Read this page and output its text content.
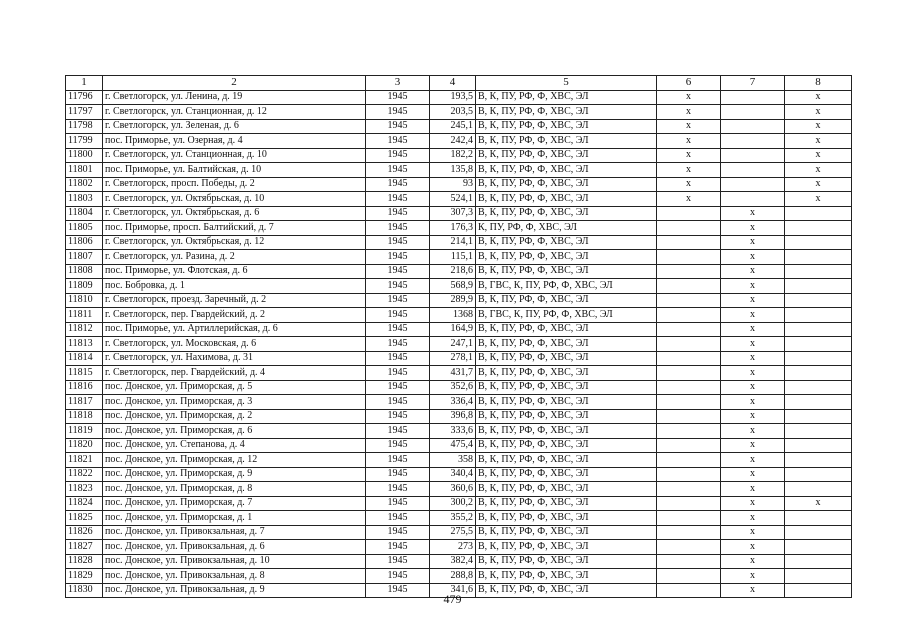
1	2	3	4	5	6	7	8
11796	г. Светлогорск, ул. Ленина, д. 19	1945	193,5	В, К, ПУ, РФ, Ф, ХВС, ЭЛ	х		х
11797	г. Светлогорск, ул. Станционная, д. 12	1945	203,5	В, К, ПУ, РФ, Ф, ХВС, ЭЛ	х		х
11798	г. Светлогорск, ул. Зеленая, д. 6	1945	245,1	В, К, ПУ, РФ, Ф, ХВС, ЭЛ	х		х
11799	пос. Приморье, ул. Озерная, д. 4	1945	242,4	В, К, ПУ, РФ, Ф, ХВС, ЭЛ	х		х
11800	г. Светлогорск, ул. Станционная, д. 10	1945	182,2	В, К, ПУ, РФ, Ф, ХВС, ЭЛ	х		х
11801	пос. Приморье, ул. Балтийская, д. 10	1945	135,8	В, К, ПУ, РФ, Ф, ХВС, ЭЛ	х		х
11802	г. Светлогорск, просп. Победы, д. 2	1945	93	В, К, ПУ, РФ, Ф, ХВС, ЭЛ	х		х
11803	г. Светлогорск, ул. Октябрьская, д. 10	1945	524,1	В, К, ПУ, РФ, Ф, ХВС, ЭЛ	х		х
11804	г. Светлогорск, ул. Октябрьская, д. 6	1945	307,3	В, К, ПУ, РФ, Ф, ХВС, ЭЛ		х	
11805	пос. Приморье, просп. Балтийский, д. 7	1945	176,3	К, ПУ, РФ, Ф, ХВС, ЭЛ		х	
11806	г. Светлогорск, ул. Октябрьская, д. 12	1945	214,1	В, К, ПУ, РФ, Ф, ХВС, ЭЛ		х	
11807	г. Светлогорск, ул. Разина, д. 2	1945	115,1	В, К, ПУ, РФ, Ф, ХВС, ЭЛ		х	
11808	пос. Приморье, ул. Флотская, д. 6	1945	218,6	В, К, ПУ, РФ, Ф, ХВС, ЭЛ		х	
11809	пос. Бобровка, д. 1	1945	568,9	В, ГВС, К, ПУ, РФ, Ф, ХВС, ЭЛ		х	
11810	г. Светлогорск, проезд. Заречный, д. 2	1945	289,9	В, К, ПУ, РФ, Ф, ХВС, ЭЛ		х	
11811	г. Светлогорск, пер. Гвардейский, д. 2	1945	1368	В, ГВС, К, ПУ, РФ, Ф, ХВС, ЭЛ		х	
11812	пос. Приморье, ул. Артиллерийская, д. 6	1945	164,9	В, К, ПУ, РФ, Ф, ХВС, ЭЛ		х	
11813	г. Светлогорск, ул. Московская, д. 6	1945	247,1	В, К, ПУ, РФ, Ф, ХВС, ЭЛ		х	
11814	г. Светлогорск, ул. Нахимова, д. 31	1945	278,1	В, К, ПУ, РФ, Ф, ХВС, ЭЛ		х	
11815	г. Светлогорск, пер. Гвардейский, д. 4	1945	431,7	В, К, ПУ, РФ, Ф, ХВС, ЭЛ		х	
11816	пос. Донское, ул. Приморская, д. 5	1945	352,6	В, К, ПУ, РФ, Ф, ХВС, ЭЛ		х	
11817	пос. Донское, ул. Приморская, д. 3	1945	336,4	В, К, ПУ, РФ, Ф, ХВС, ЭЛ		х	
11818	пос. Донское, ул. Приморская, д. 2	1945	396,8	В, К, ПУ, РФ, Ф, ХВС, ЭЛ		х	
11819	пос. Донское, ул. Приморская, д. 6	1945	333,6	В, К, ПУ, РФ, Ф, ХВС, ЭЛ		х	
11820	пос. Донское, ул. Степанова, д. 4	1945	475,4	В, К, ПУ, РФ, Ф, ХВС, ЭЛ		х	
11821	пос. Донское, ул. Приморская, д. 12	1945	358	В, К, ПУ, РФ, Ф, ХВС, ЭЛ		х	
11822	пос. Донское, ул. Приморская, д. 9	1945	340,4	В, К, ПУ, РФ, Ф, ХВС, ЭЛ		х	
11823	пос. Донское, ул. Приморская, д. 8	1945	360,6	В, К, ПУ, РФ, Ф, ХВС, ЭЛ		х	
11824	пос. Донское, ул. Приморская, д. 7	1945	300,2	В, К, ПУ, РФ, Ф, ХВС, ЭЛ		х	х
11825	пос. Донское, ул. Приморская, д. 1	1945	355,2	В, К, ПУ, РФ, Ф, ХВС, ЭЛ		х	
11826	пос. Донское, ул. Привокзальная, д. 7	1945	275,5	В, К, ПУ, РФ, Ф, ХВС, ЭЛ		х	
11827	пос. Донское, ул. Привокзальная, д. 6	1945	273	В, К, ПУ, РФ, Ф, ХВС, ЭЛ		х	
11828	пос. Донское, ул. Привокзальная, д. 10	1945	382,4	В, К, ПУ, РФ, Ф, ХВС, ЭЛ		х	
11829	пос. Донское, ул. Привокзальная, д. 8	1945	288,8	В, К, ПУ, РФ, Ф, ХВС, ЭЛ		х	
11830	пос. Донское, ул. Привокзальная, д. 9	1945	341,6	В, К, ПУ, РФ, Ф, ХВС, ЭЛ		х	
479
